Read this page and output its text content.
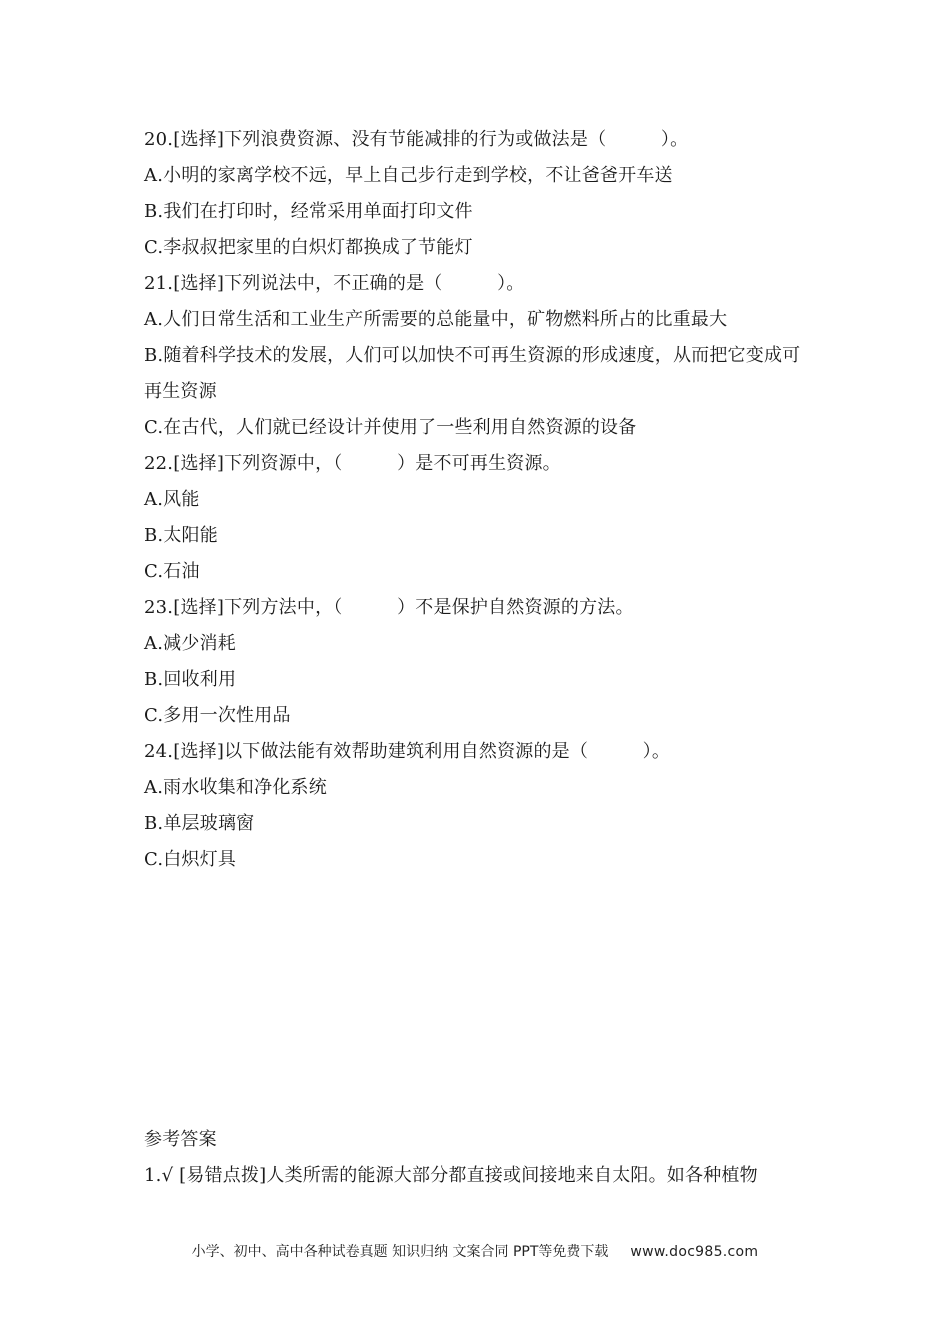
20.[选择]下列浪费资源、没有节能减排的行为或做法是（　　　）。
A.小明的家离学校不远，早上自己步行走到学校，不让爸爸开车送
B.我们在打印时，经常采用单面打印文件
C.李叔叔把家里的白炽灯都换成了节能灯
21.[选择]下列说法中，不正确的是（　　　）。
A.人们日常生活和工业生产所需要的总能量中，矿物燃料所占的比重最大
B.随着科学技术的发展，人们可以加快不可再生资源的形成速度，从而把它变成可再生资源
C.在古代，人们就已经设计并使用了一些利用自然资源的设备
22.[选择]下列资源中，（　　　）是不可再生资源。
A.风能
B.太阳能
C.石油
23.[选择]下列方法中，（　　　）不是保护自然资源的方法。
A.减少消耗
B.回收利用
C.多用一次性用品
24.[选择]以下做法能有效帮助建筑利用自然资源的是（　　　）。
A.雨水收集和净化系统
B.单层玻璃窗
C.白炽灯具
参考答案
1.√ [易错点拨]人类所需的能源大部分都直接或间接地来自太阳。如各种植物
小学、初中、高中各种试卷真题 知识归纳 文案合同 PPT等免费下载 www.doc985.com
